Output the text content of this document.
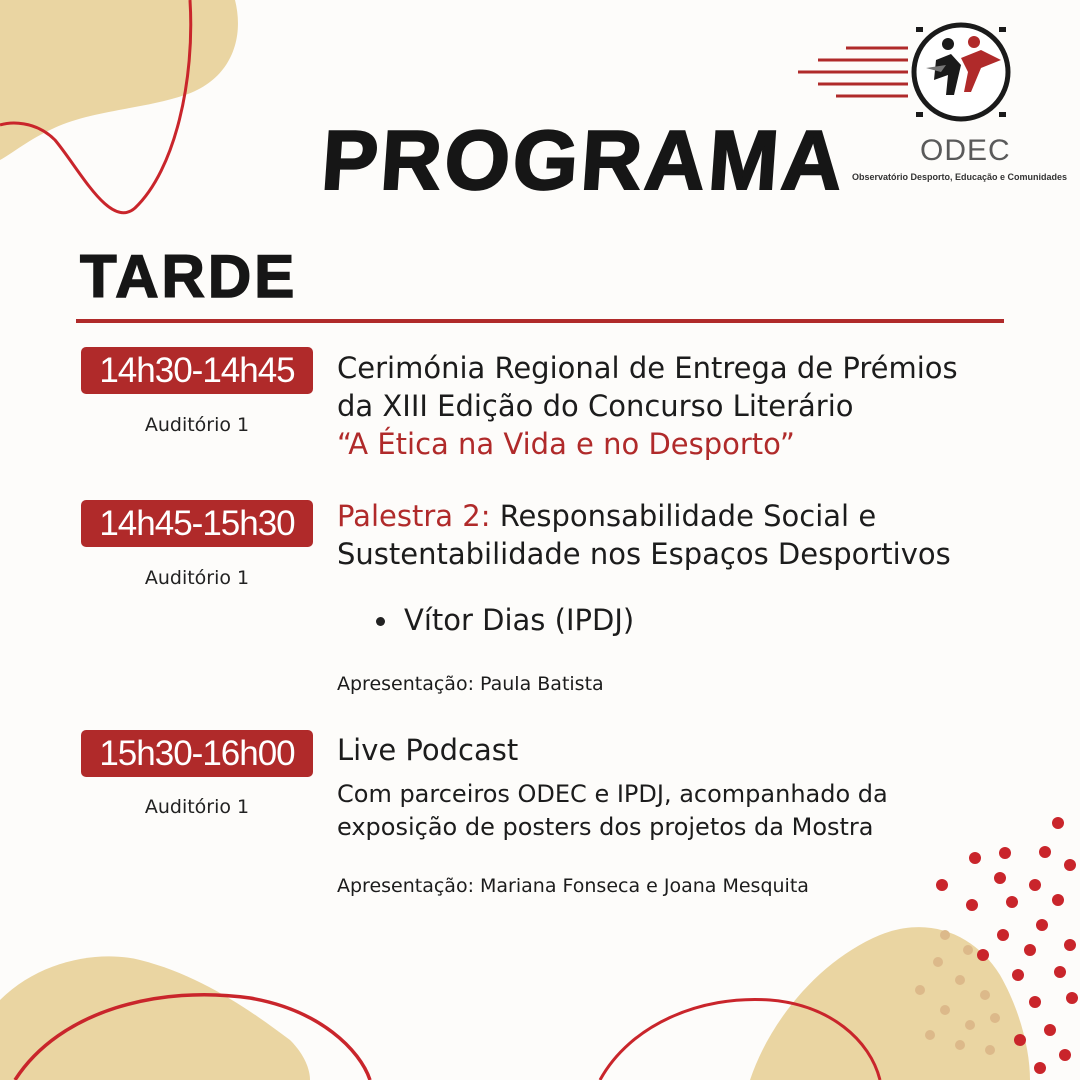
ODEC
Observatório Desporto, Educação e Comunidades
PROGRAMA
TARDE
14h30-14h45
Auditório 1
Cerimónia Regional de Entrega de Prémios
da XIII Edição do Concurso Literário
“A Ética na Vida e no Desporto”
14h45-15h30
Auditório 1
Palestra 2: Responsabilidade Social e
Sustentabilidade nos Espaços Desportivos
Vítor Dias (IPDJ)
Apresentação: Paula Batista
15h30-16h00
Auditório 1
Live Podcast
Com parceiros ODEC e IPDJ, acompanhado da
exposição de posters dos projetos da Mostra
Apresentação: Mariana Fonseca e Joana Mesquita
